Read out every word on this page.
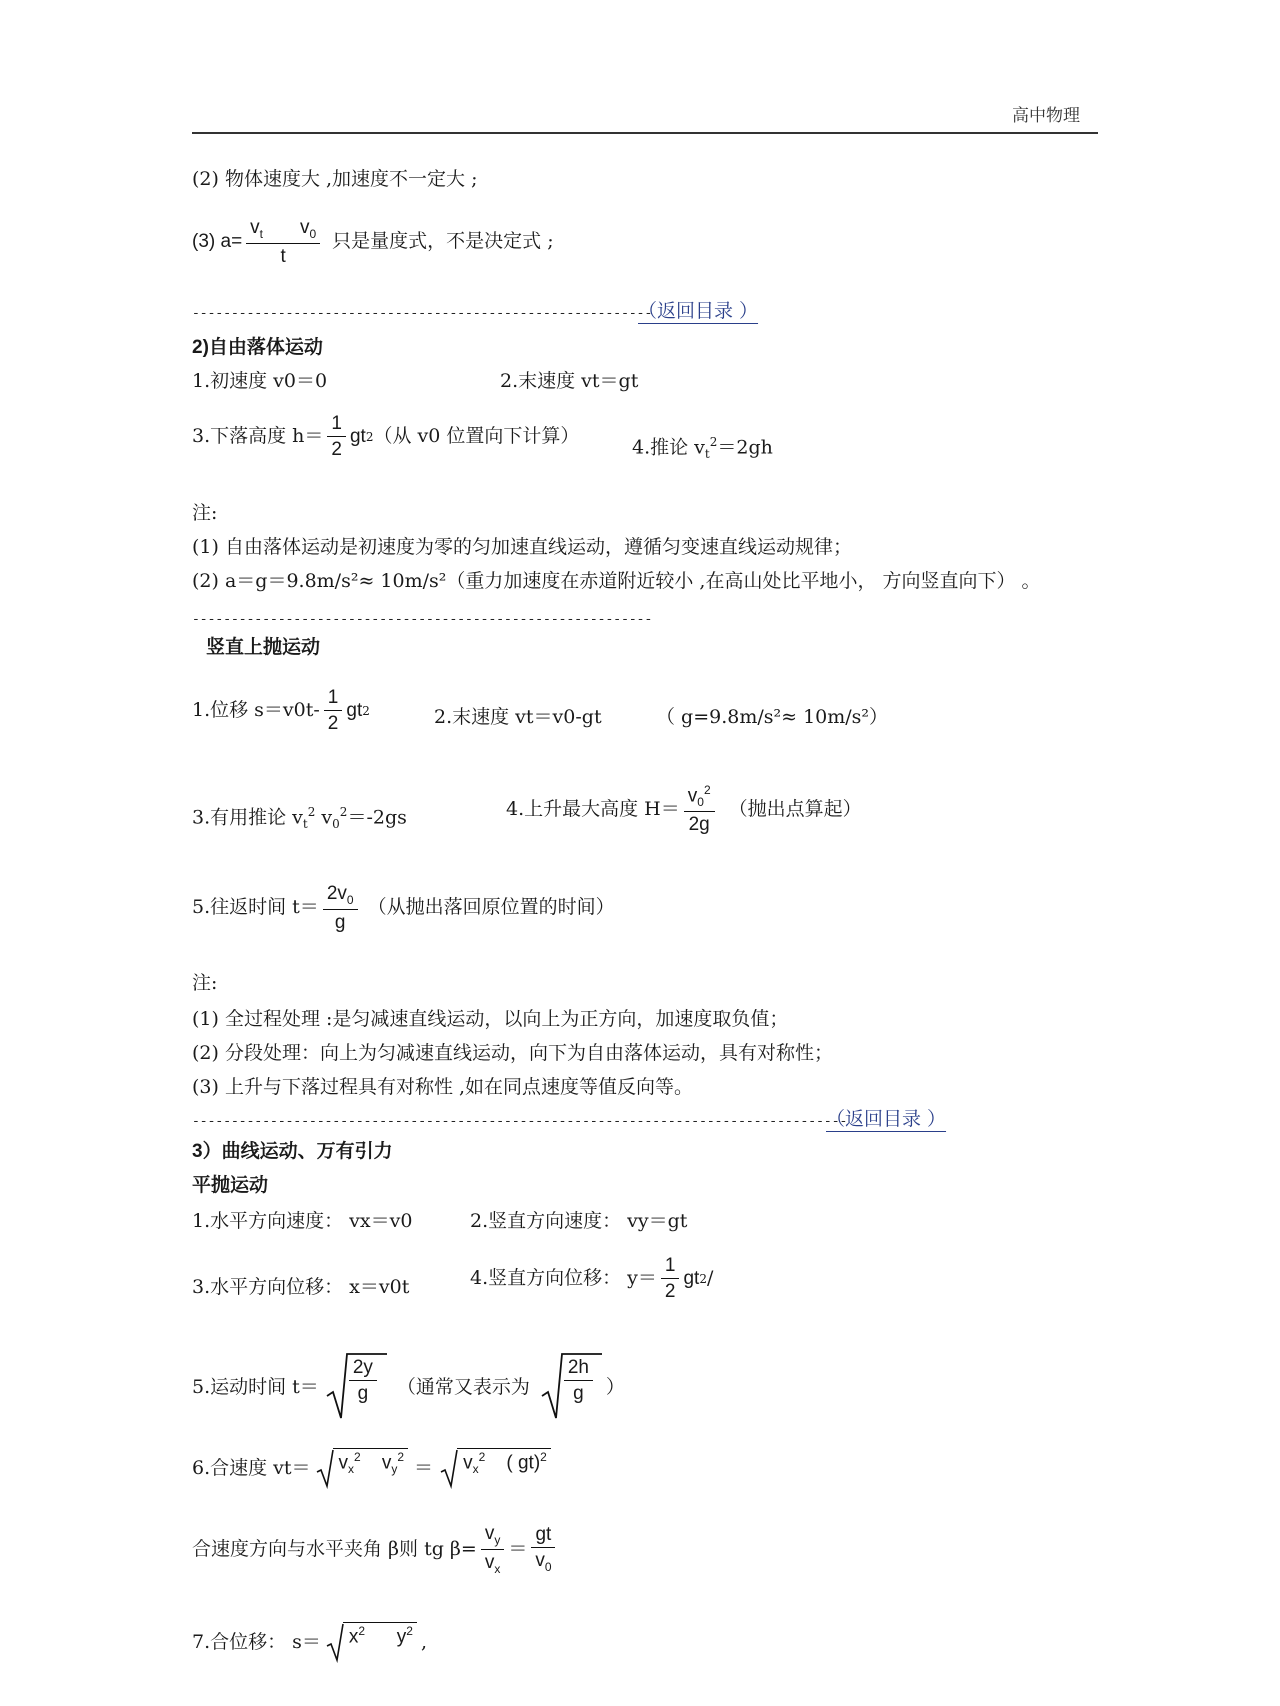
高中物理
(2) 物体速度大 ,加速度不一定大 ;
(3) $a= \frac{v_t v_0}{t}$ 只是量度式，不是决定式 ;
-----------------------------------------------------------
（返回目录 ）
2)自由落体运动
1.初速度 v0＝0	2.末速度 vt＝gt
3.下落高度 $h= \frac{1}{2}$ gt 2 （从 v0 位置向下计算）
4.推论 $v_t^2=2gh$
注:
(1) 自由落体运动是初速度为零的匀加速直线运动，遵循匀变速直线运动规律；
(2) a＝g＝9.8m/s²≈ 10m/s²（重力加速度在赤道附近较小 ,在高山处比平地小， 方向竖直向下） 。
-----------------------------------------------------------
竖直上抛运动
1.位移 $s=v0t- \frac{1}{2}$ gt 2	2.末速度 vt＝v0-gt	（ g=9.8m/s²≈ 10m/s²）
3.有用推论 $v_t^2$ $v_0^2=-2gs$	4.上升最大高度 $H= \frac{v_0^2}{2g}$ （抛出点算起）
5.往返时间 $t= \frac{2v_0}{g}$ （从抛出落回原位置的时间）
注:
(1) 全过程处理 :是匀减速直线运动，以向上为正方向，加速度取负值；
(2) 分段处理：向上为匀减速直线运动，向下为自由落体运动，具有对称性；
(3) 上升与下落过程具有对称性 ,如在同点速度等值反向等。
------------------------------------------------------------------------------------
（返回目录 ）
3）曲线运动、万有引力
平抛运动
1.水平方向速度： vx＝v0	2.竖直方向速度： vy＝gt
3.水平方向位移： x＝v0t	4.竖直方向位移： $y= \frac{1}{2}$ gt 2 /
5.运动时间 $t= \frac{2y}{g}$ （通常又表示为 $\frac{2h}{g}$ ）
6.合速度 vt＝	$v_x^2$ $v_y^2$ ＝	$v_x^2$ ( gt)$^2$
合速度方向与水平夹角 β则 tg $\beta= \frac{v_y}{v_x} = \frac{gt}{v_0}$
7.合位移： s＝	$x^2$ $y^2$ ,
